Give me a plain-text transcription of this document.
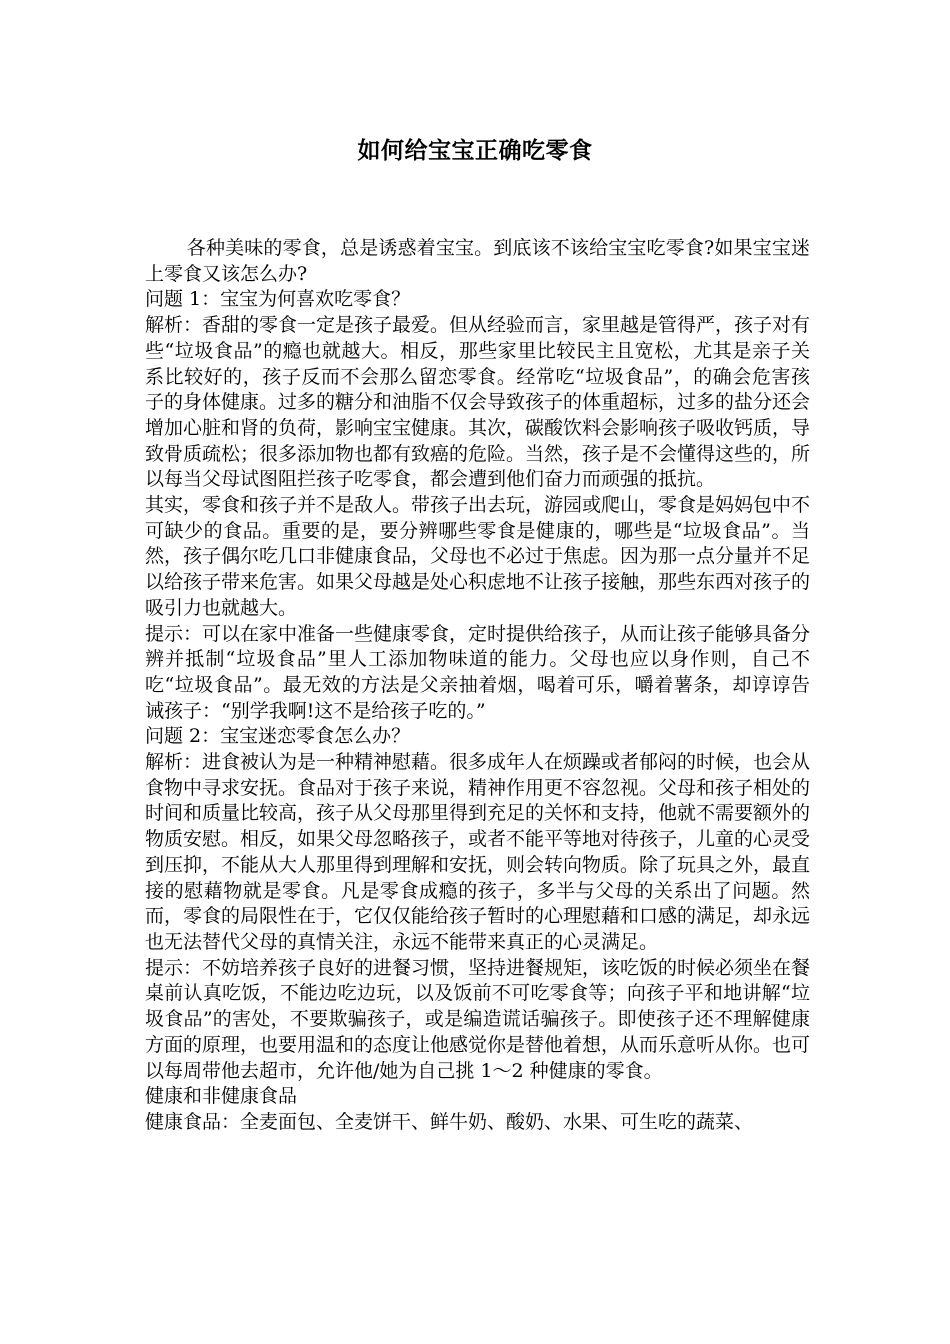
如何给宝宝正确吃零食

各种美味的零食，总是诱惑着宝宝。到底该不该给宝宝吃零食?如果宝宝迷上零食又该怎么办?

问题 1：宝宝为何喜欢吃零食？

解析：香甜的零食一定是孩子最爱。但从经验而言，家里越是管得严，孩子对有些“垃圾食品”的瘾也就越大。相反，那些家里比较民主且宽松，尤其是亲子关系比较好的，孩子反而不会那么留恋零食。经常吃“垃圾食品”，的确会危害孩子的身体健康。过多的糖分和油脂不仅会导致孩子的体重超标，过多的盐分还会增加心脏和肾的负荷，影响宝宝健康。其次，碳酸饮料会影响孩子吸收钙质，导致骨质疏松；很多添加物也都有致癌的危险。当然，孩子是不会懂得这些的，所以每当父母试图阻拦孩子吃零食，都会遭到他们奋力而顽强的抵抗。

其实，零食和孩子并不是敌人。带孩子出去玩，游园或爬山，零食是妈妈包中不可缺少的食品。重要的是，要分辨哪些零食是健康的，哪些是“垃圾食品”。当然，孩子偶尔吃几口非健康食品，父母也不必过于焦虑。因为那一点分量并不足以给孩子带来危害。如果父母越是处心积虑地不让孩子接触，那些东西对孩子的吸引力也就越大。

提示：可以在家中准备一些健康零食，定时提供给孩子，从而让孩子能够具备分辨并抵制“垃圾食品”里人工添加物味道的能力。父母也应以身作则，自己不吃“垃圾食品”。最无效的方法是父亲抽着烟，喝着可乐，嚼着薯条，却谆谆告诫孩子：“别学我啊!这不是给孩子吃的。”

问题 2：宝宝迷恋零食怎么办？

解析：进食被认为是一种精神慰藉。很多成年人在烦躁或者郁闷的时候，也会从食物中寻求安抚。食品对于孩子来说，精神作用更不容忽视。父母和孩子相处的时间和质量比较高，孩子从父母那里得到充足的关怀和支持，他就不需要额外的物质安慰。相反，如果父母忽略孩子，或者不能平等地对待孩子，儿童的心灵受到压抑，不能从大人那里得到理解和安抚，则会转向物质。除了玩具之外，最直接的慰藉物就是零食。凡是零食成瘾的孩子，多半与父母的关系出了问题。然而，零食的局限性在于，它仅仅能给孩子暂时的心理慰藉和口感的满足，却永远也无法替代父母的真情关注，永远不能带来真正的心灵满足。

提示：不妨培养孩子良好的进餐习惯，坚持进餐规矩，该吃饭的时候必须坐在餐桌前认真吃饭，不能边吃边玩，以及饭前不可吃零食等；向孩子平和地讲解“垃圾食品”的害处，不要欺骗孩子，或是编造谎话骗孩子。即使孩子还不理解健康方面的原理，也要用温和的态度让他感觉你是替他着想，从而乐意听从你。也可以每周带他去超市，允许他/她为自己挑 1～2 种健康的零食。

健康和非健康食品

健康食品：全麦面包、全麦饼干、鲜牛奶、酸奶、水果、可生吃的蔬菜、
